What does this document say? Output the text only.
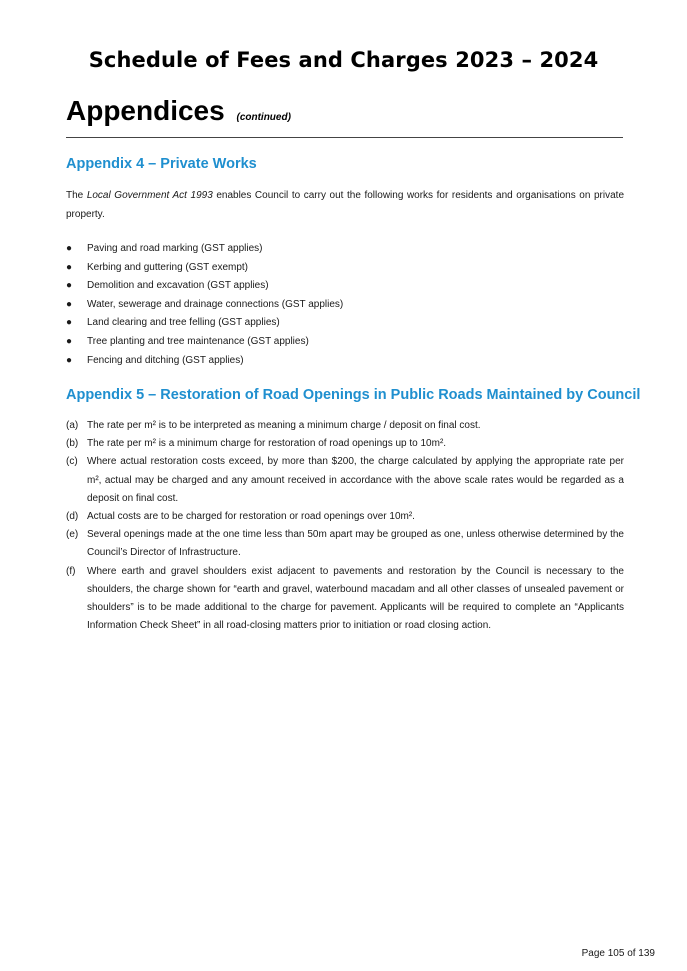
Schedule of Fees and Charges 2023 – 2024
Appendices (continued)
Appendix 4 – Private Works
The Local Government Act 1993 enables Council to carry out the following works for residents and organisations on private property.
● Paving and road marking (GST applies)
● Kerbing and guttering (GST exempt)
● Demolition and excavation (GST applies)
● Water, sewerage and drainage connections (GST applies)
● Land clearing and tree felling (GST applies)
● Tree planting and tree maintenance (GST applies)
● Fencing and ditching (GST applies)
Appendix 5 – Restoration of Road Openings in Public Roads Maintained by Council
(a) The rate per m² is to be interpreted as meaning a minimum charge / deposit on final cost.
(b) The rate per m² is a minimum charge for restoration of road openings up to 10m².
(c) Where actual restoration costs exceed, by more than $200, the charge calculated by applying the appropriate rate per m², actual may be charged and any amount received in accordance with the above scale rates would be regarded as a deposit on final cost.
(d) Actual costs are to be charged for restoration or road openings over 10m².
(e) Several openings made at the one time less than 50m apart may be grouped as one, unless otherwise determined by the Council’s Director of Infrastructure.
(f) Where earth and gravel shoulders exist adjacent to pavements and restoration by the Council is necessary to the shoulders, the charge shown for “earth and gravel, waterbound macadam and all other classes of unsealed pavement or shoulders” is to be made additional to the charge for pavement. Applicants will be required to complete an “Applicants Information Check Sheet” in all road-closing matters prior to initiation or road closing action.
Page 105 of 139
